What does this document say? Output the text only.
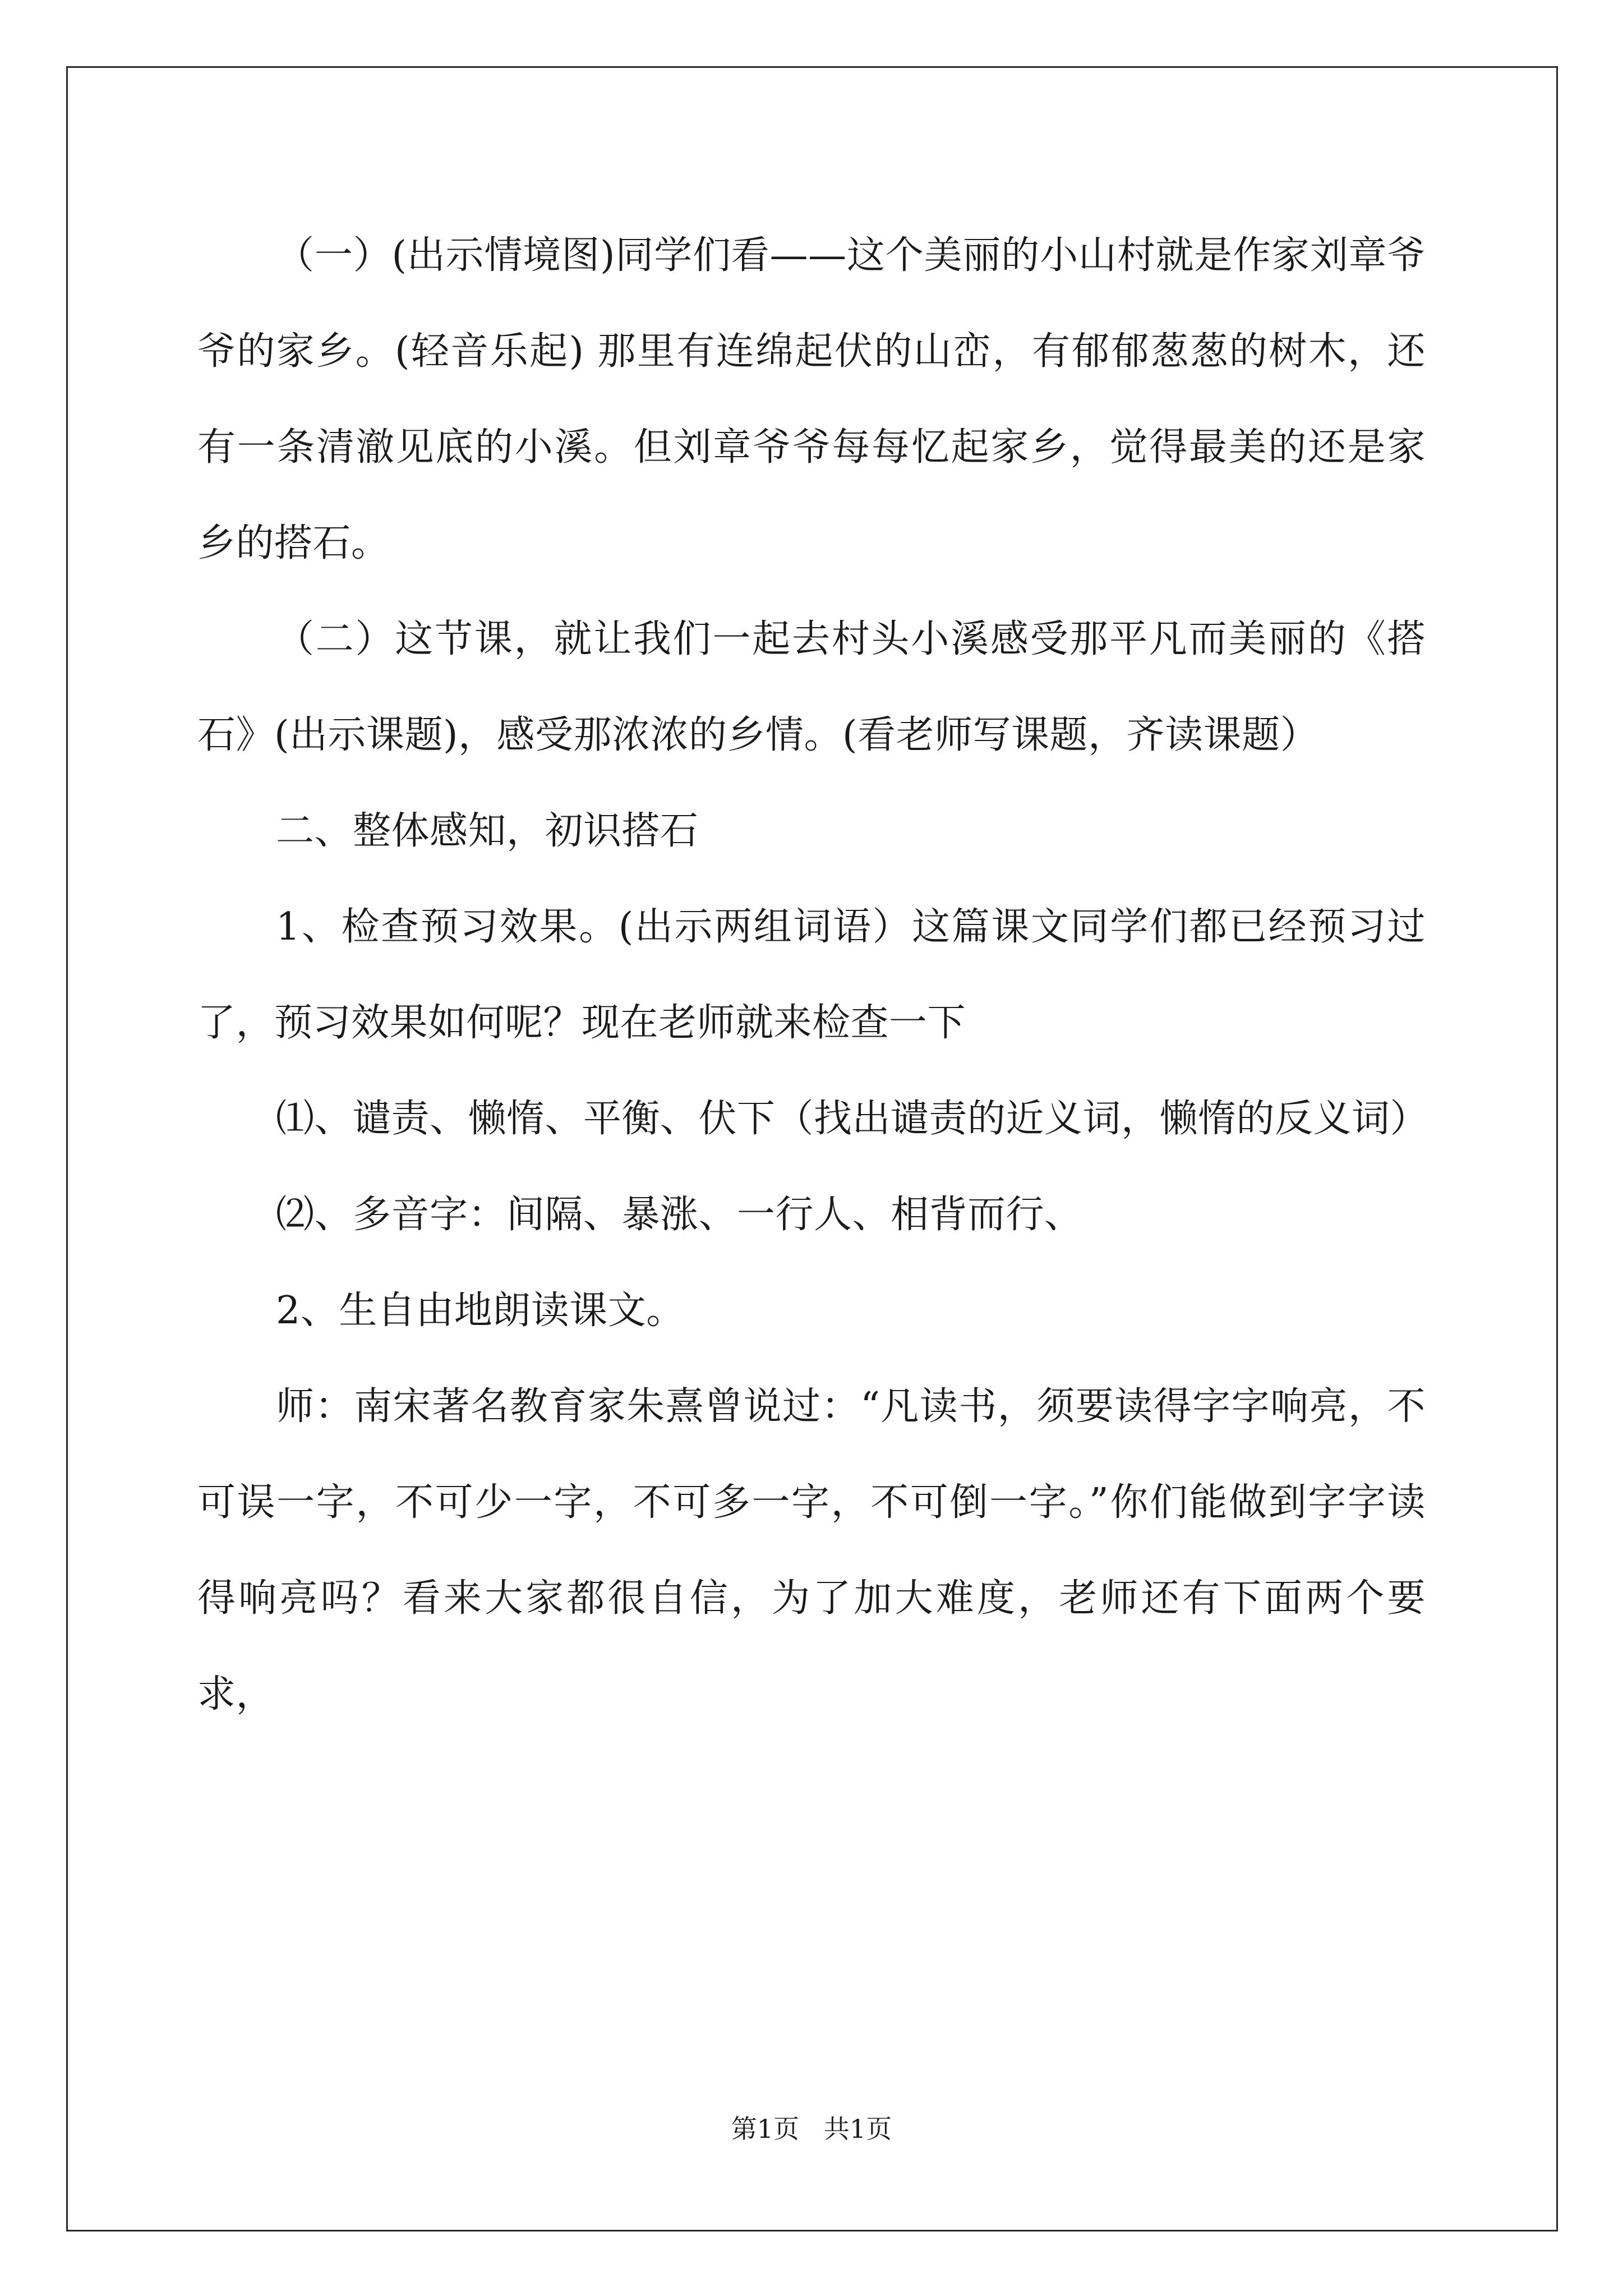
（一）(出示情境图)同学们看——这个美丽的小山村就是作家刘章爷爷的家乡。(轻音乐起) 那里有连绵起伏的山峦，有郁郁葱葱的树木，还有一条清澈见底的小溪。但刘章爷爷每每忆起家乡，觉得最美的还是家乡的搭石。

（二）这节课，就让我们一起去村头小溪感受那平凡而美丽的《搭石》(出示课题)，感受那浓浓的乡情。(看老师写课题，齐读课题）

二、整体感知，初识搭石

1、检查预习效果。(出示两组词语）这篇课文同学们都已经预习过了，预习效果如何呢？现在老师就来检查一下

⑴、谴责、懒惰、平衡、伏下（找出谴责的近义词，懒惰的反义词）

⑵、多音字：间隔、暴涨、一行人、相背而行、

2、生自由地朗读课文。

师：南宋著名教育家朱熹曾说过：“凡读书，须要读得字字响亮，不可误一字，不可少一字，不可多一字，不可倒一字。”你们能做到字字读得响亮吗？看来大家都很自信，为了加大难度，老师还有下面两个要求，

第1页   共1页
